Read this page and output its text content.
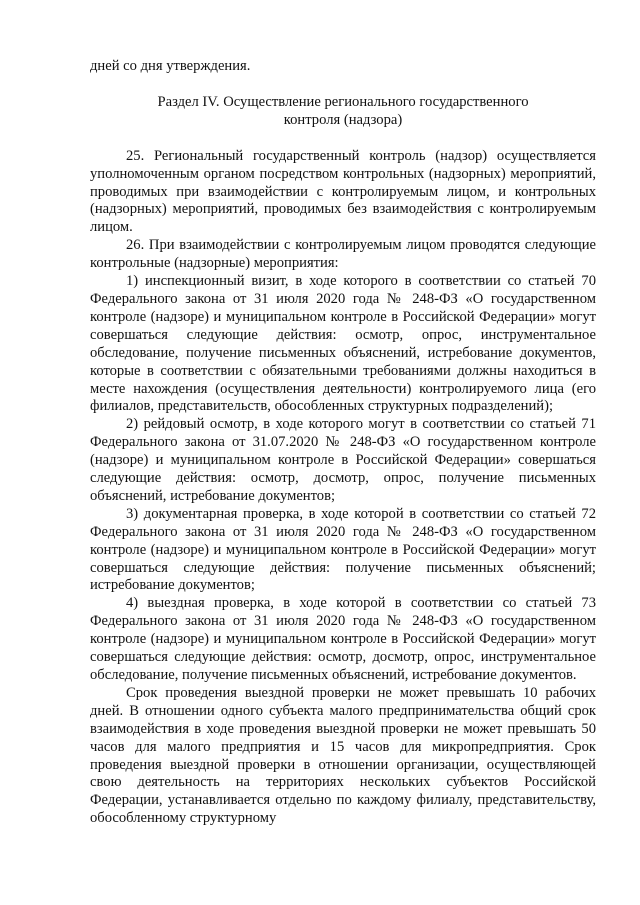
дней со дня утверждения.

Раздел IV. Осуществление регионального государственного
контроля (надзора)

25. Региональный государственный контроль (надзор) осуществляется уполномоченным органом посредством контрольных (надзорных) мероприятий, проводимых при взаимодействии с контролируемым лицом, и контрольных (надзорных) мероприятий, проводимых без взаимодействия с контролируемым лицом.

26. При взаимодействии с контролируемым лицом проводятся следующие контрольные (надзорные) мероприятия:

1) инспекционный визит, в ходе которого в соответствии со статьей 70 Федерального закона от 31 июля 2020 года № 248-ФЗ «О государственном контроле (надзоре) и муниципальном контроле в Российской Федерации» могут совершаться следующие действия: осмотр, опрос, инструментальное обследование, получение письменных объяснений, истребование документов, которые в соответствии с обязательными требованиями должны находиться в месте нахождения (осуществления деятельности) контролируемого лица (его филиалов, представительств, обособленных структурных подразделений);

2) рейдовый осмотр, в ходе которого могут в соответствии со статьей 71 Федерального закона от 31.07.2020 № 248-ФЗ «О государственном контроле (надзоре) и муниципальном контроле в Российской Федерации» совершаться следующие действия: осмотр, досмотр, опрос, получение письменных объяснений, истребование документов;

3) документарная проверка, в ходе которой в соответствии со статьей 72 Федерального закона от 31 июля 2020 года № 248-ФЗ «О государственном контроле (надзоре) и муниципальном контроле в Российской Федерации» могут совершаться следующие действия: получение письменных объяснений; истребование документов;

4) выездная проверка, в ходе которой в соответствии со статьей 73 Федерального закона от 31 июля 2020 года № 248-ФЗ «О государственном контроле (надзоре) и муниципальном контроле в Российской Федерации» могут совершаться следующие действия: осмотр, досмотр, опрос, инструментальное обследование, получение письменных объяснений, истребование документов.

Срок проведения выездной проверки не может превышать 10 рабочих дней. В отношении одного субъекта малого предпринимательства общий срок взаимодействия в ходе проведения выездной проверки не может превышать 50 часов для малого предприятия и 15 часов для микропредприятия. Срок проведения выездной проверки в отношении организации, осуществляющей свою деятельность на территориях нескольких субъектов Российской Федерации, устанавливается отдельно по каждому филиалу, представительству, обособленному структурному
